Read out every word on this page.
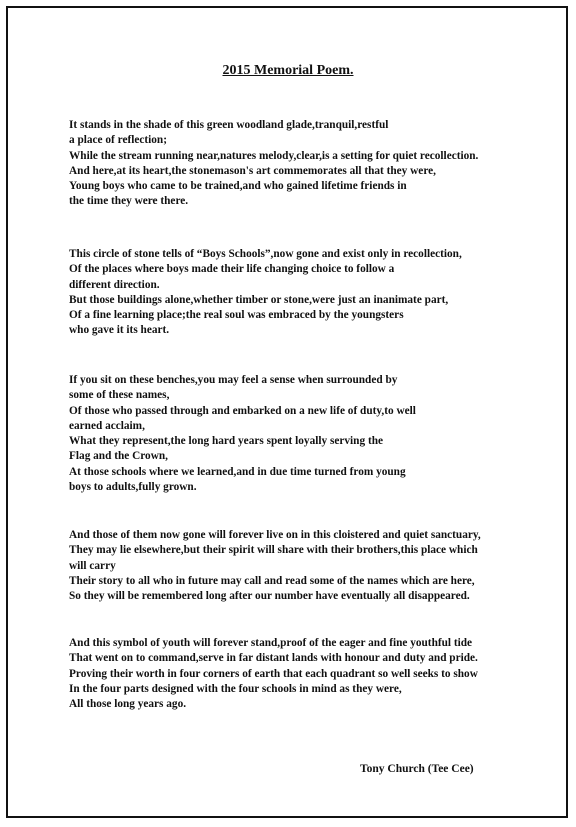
2015 Memorial Poem.

It stands in the shade of this green woodland glade,tranquil,restful
a place of reflection;
While the stream running near,natures melody,clear,is a setting for quiet recollection.
And here,at its heart,the stonemason's art commemorates all that they were,
Young boys who came to be trained,and who gained lifetime friends in
the time they were there.

This circle of stone tells of “Boys Schools”,now gone and exist only in recollection,
Of the places where boys made their life changing choice to follow a
different direction.
But those buildings alone,whether timber or stone,were just an inanimate part,
Of a fine learning place;the real soul was embraced by the youngsters
who gave it its heart.

If you sit on these benches,you may feel a sense when surrounded by
some of these names,
Of those who passed through and embarked on a new life of duty,to well
earned acclaim,
What they represent,the long hard years spent loyally serving the
Flag and the Crown,
At those schools where we learned,and in due time turned from young
boys to adults,fully grown.

And those of them now gone will forever live on in this cloistered and quiet sanctuary,
They may lie elsewhere,but their spirit will share with their brothers,this place which
will carry
Their story to all who in future may call and read some of the names which are here,
So they will be remembered long after our number have eventually all disappeared.

And this symbol of youth will forever stand,proof of the eager and fine youthful tide
That went on to command,serve in far distant lands with honour and duty and pride.
Proving their worth in four corners of earth that each quadrant so well seeks to show
In the four parts designed with the four schools in mind as they were,
All those long years ago.

Tony Church (Tee Cee)
